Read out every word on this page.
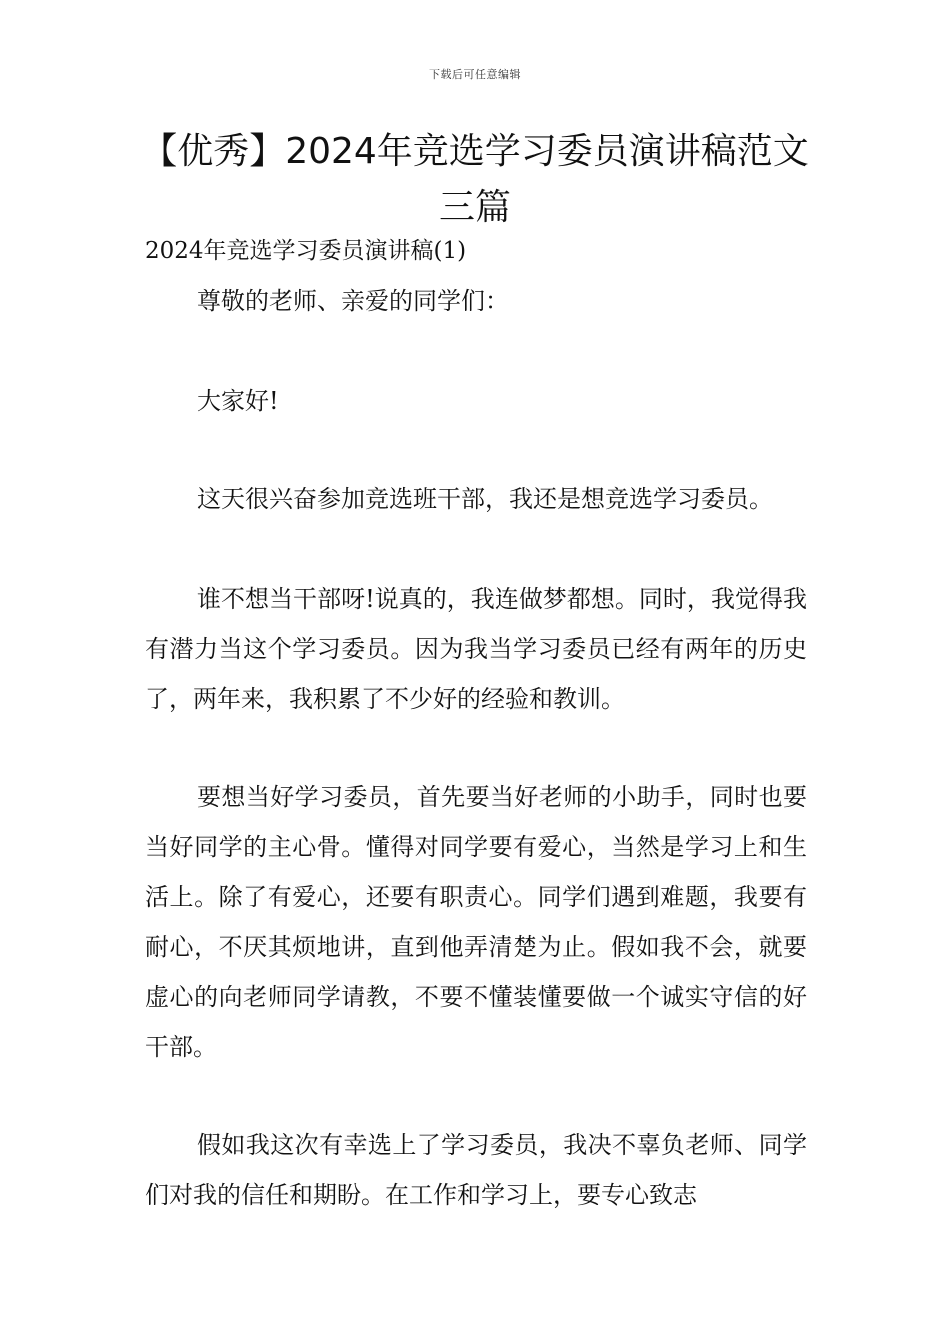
下载后可任意编辑
【优秀】2024年竞选学习委员演讲稿范文三篇
2024年竞选学习委员演讲稿(1)

尊敬的老师、亲爱的同学们：

大家好!

这天很兴奋参加竞选班干部，我还是想竞选学习委员。

谁不想当干部呀!说真的，我连做梦都想。同时，我觉得我有潜力当这个学习委员。因为我当学习委员已经有两年的历史了，两年来，我积累了不少好的经验和教训。

要想当好学习委员，首先要当好老师的小助手，同时也要当好同学的主心骨。懂得对同学要有爱心，当然是学习上和生活上。除了有爱心，还要有职责心。同学们遇到难题，我要有耐心，不厌其烦地讲，直到他弄清楚为止。假如我不会，就要虚心的向老师同学请教，不要不懂装懂要做一个诚实守信的好干部。

假如我这次有幸选上了学习委员，我决不辜负老师、同学们对我的信任和期盼。在工作和学习上，要专心致志
